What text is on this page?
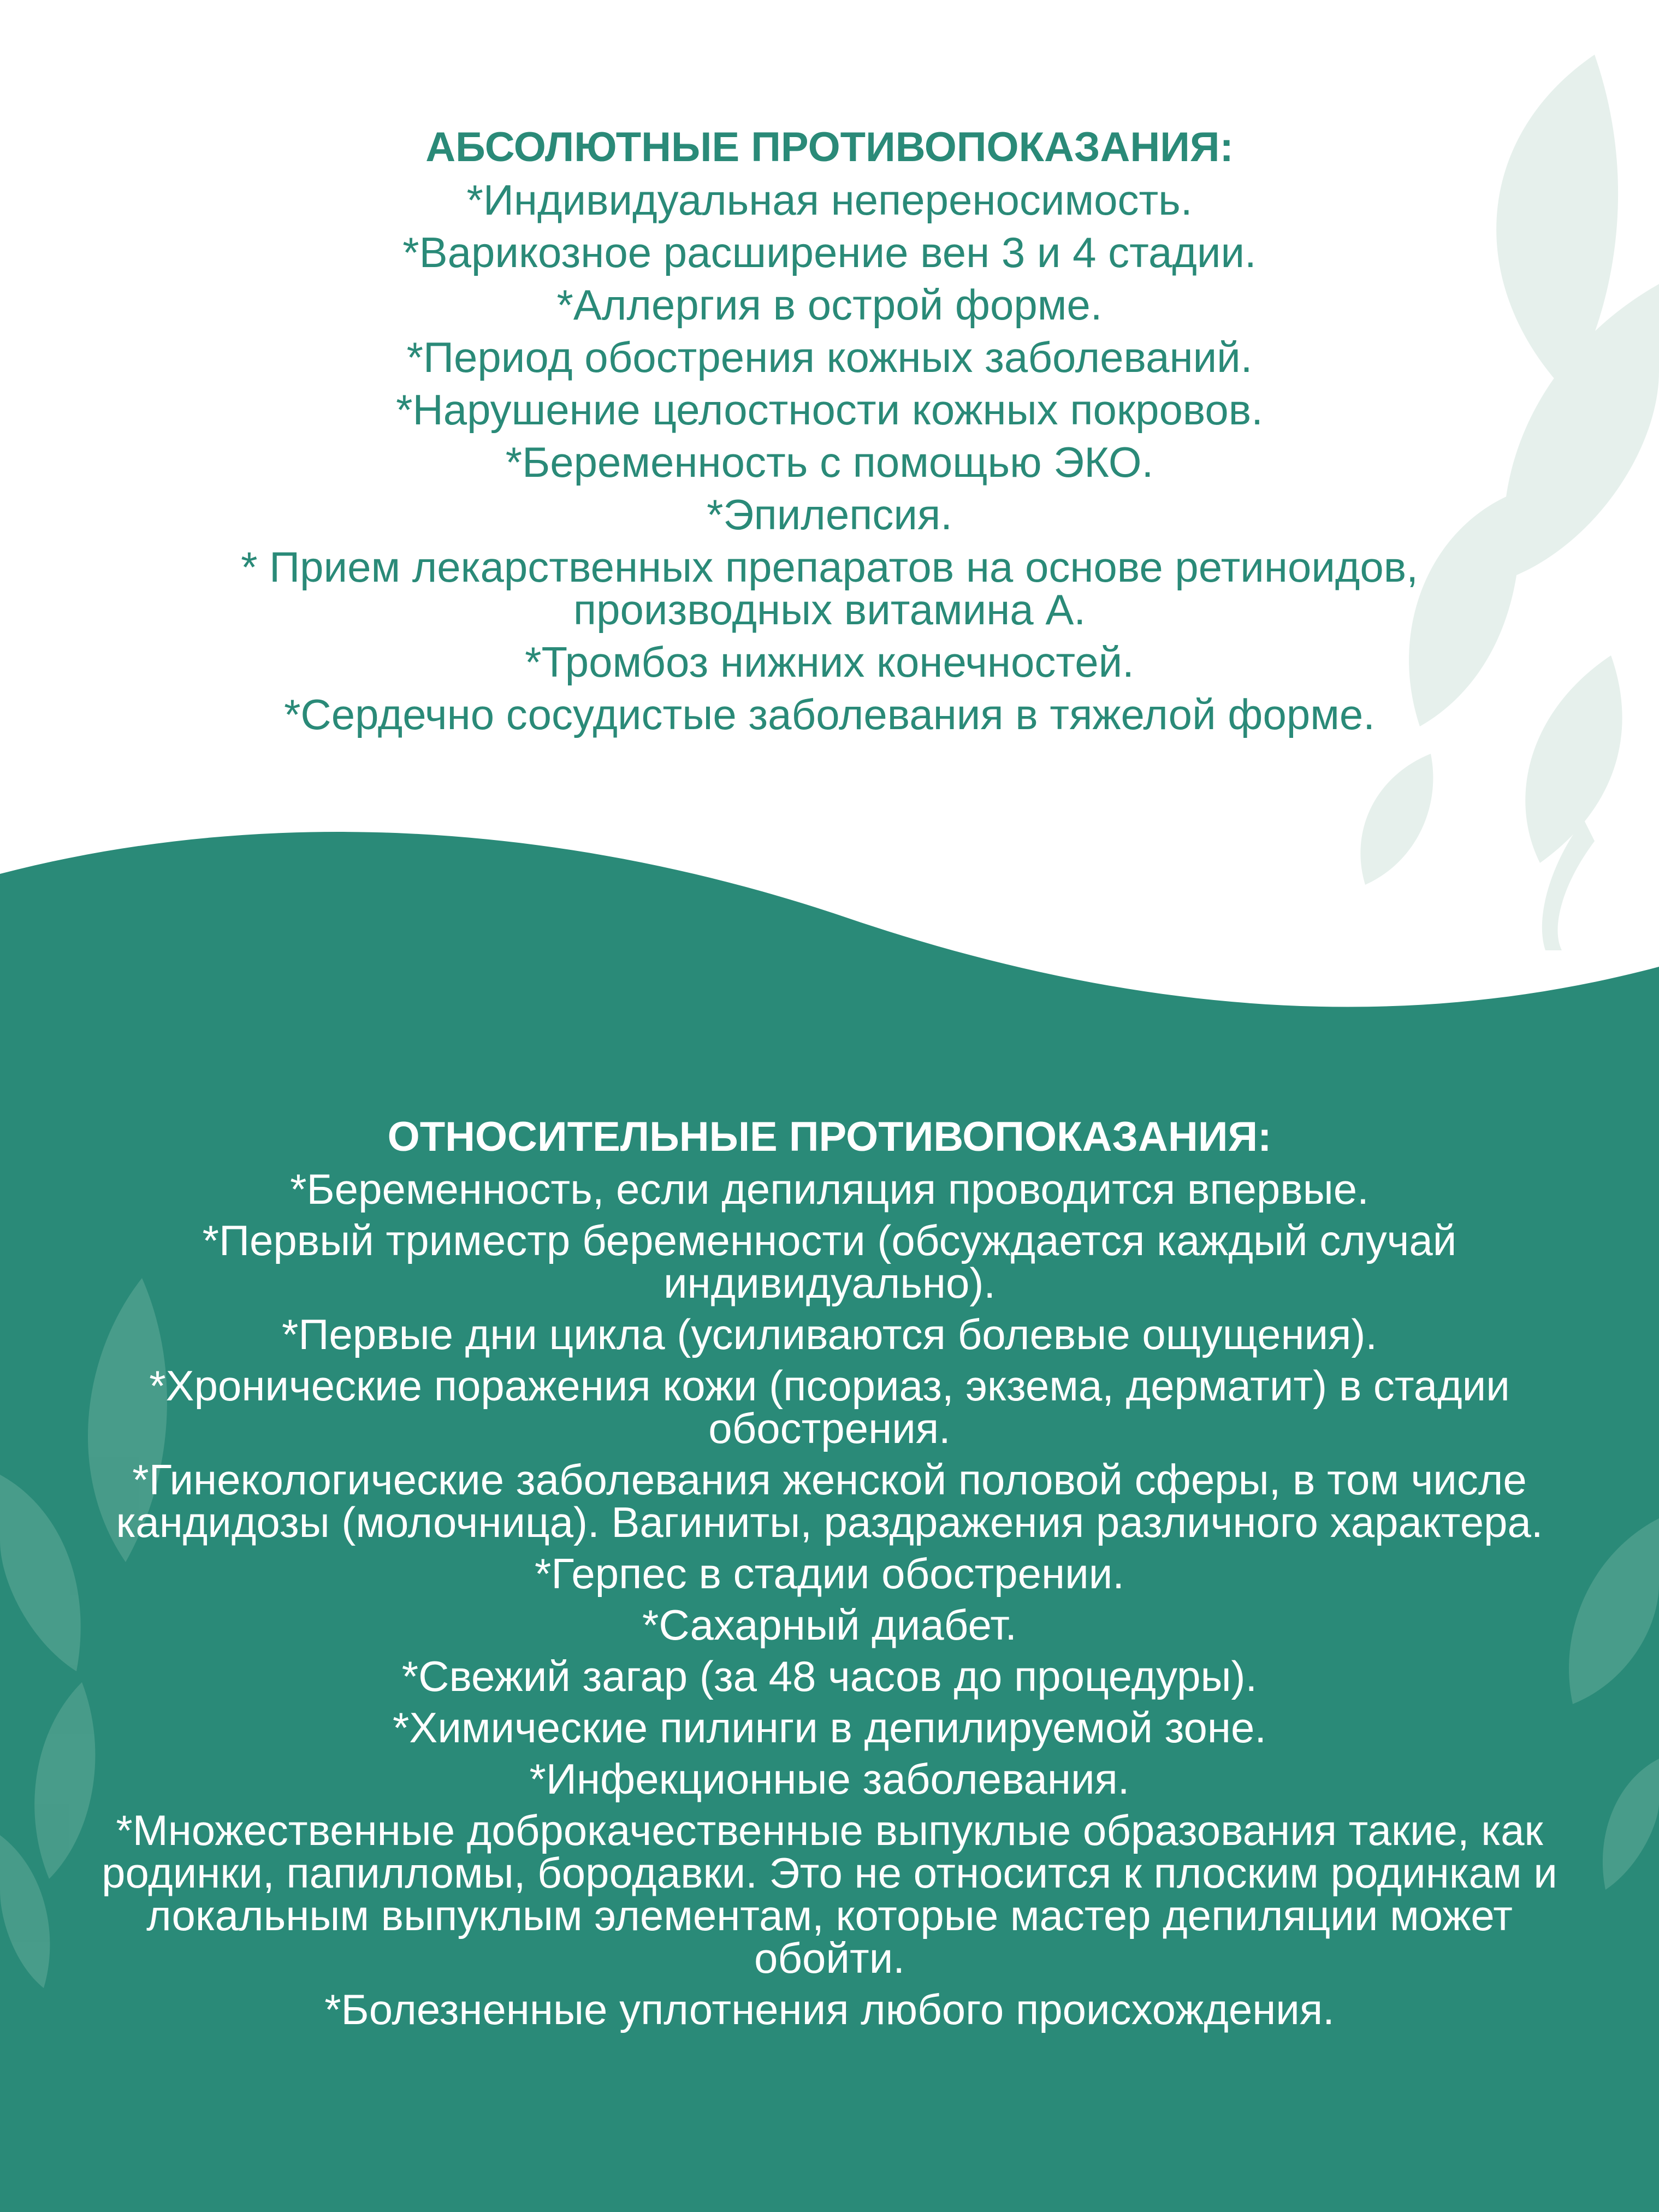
АБСОЛЮТНЫЕ ПРОТИВОПОКАЗАНИЯ:

*Индивидуальная непереносимость.

*Варикозное расширение вен 3 и 4 стадии.

*Аллергия в острой форме.

*Период обострения кожных заболеваний.

*Нарушение целостности кожных покровов.

*Беременность с помощью ЭКО.

*Эпилепсия.

* Прием лекарственных препаратов на основе ретиноидов, производных витамина А.

*Тромбоз нижних конечностей.

*Сердечно сосудистые заболевания в тяжелой форме.

ОТНОСИТЕЛЬНЫЕ ПРОТИВОПОКАЗАНИЯ:

*Беременность, если депиляция проводится впервые.

*Первый триместр беременности (обсуждается каждый случай индивидуально).

*Первые дни цикла (усиливаются болевые ощущения).

*Хронические поражения кожи (псориаз, экзема, дерматит) в стадии обострения.

*Гинекологические заболевания женской половой сферы, в том числе кандидозы (молочница). Вагиниты, раздражения различного характера.

*Герпес в стадии обострении.

*Сахарный диабет.

*Свежий загар (за 48 часов до процедуры).

*Химические пилинги в депилируемой зоне.

*Инфекционные заболевания.

*Множественные доброкачественные выпуклые образования такие, как родинки, папилломы, бородавки. Это не относится к плоским родинкам и локальным выпуклым элементам, которые мастер депиляции может обойти.

*Болезненные уплотнения любого происхождения.
